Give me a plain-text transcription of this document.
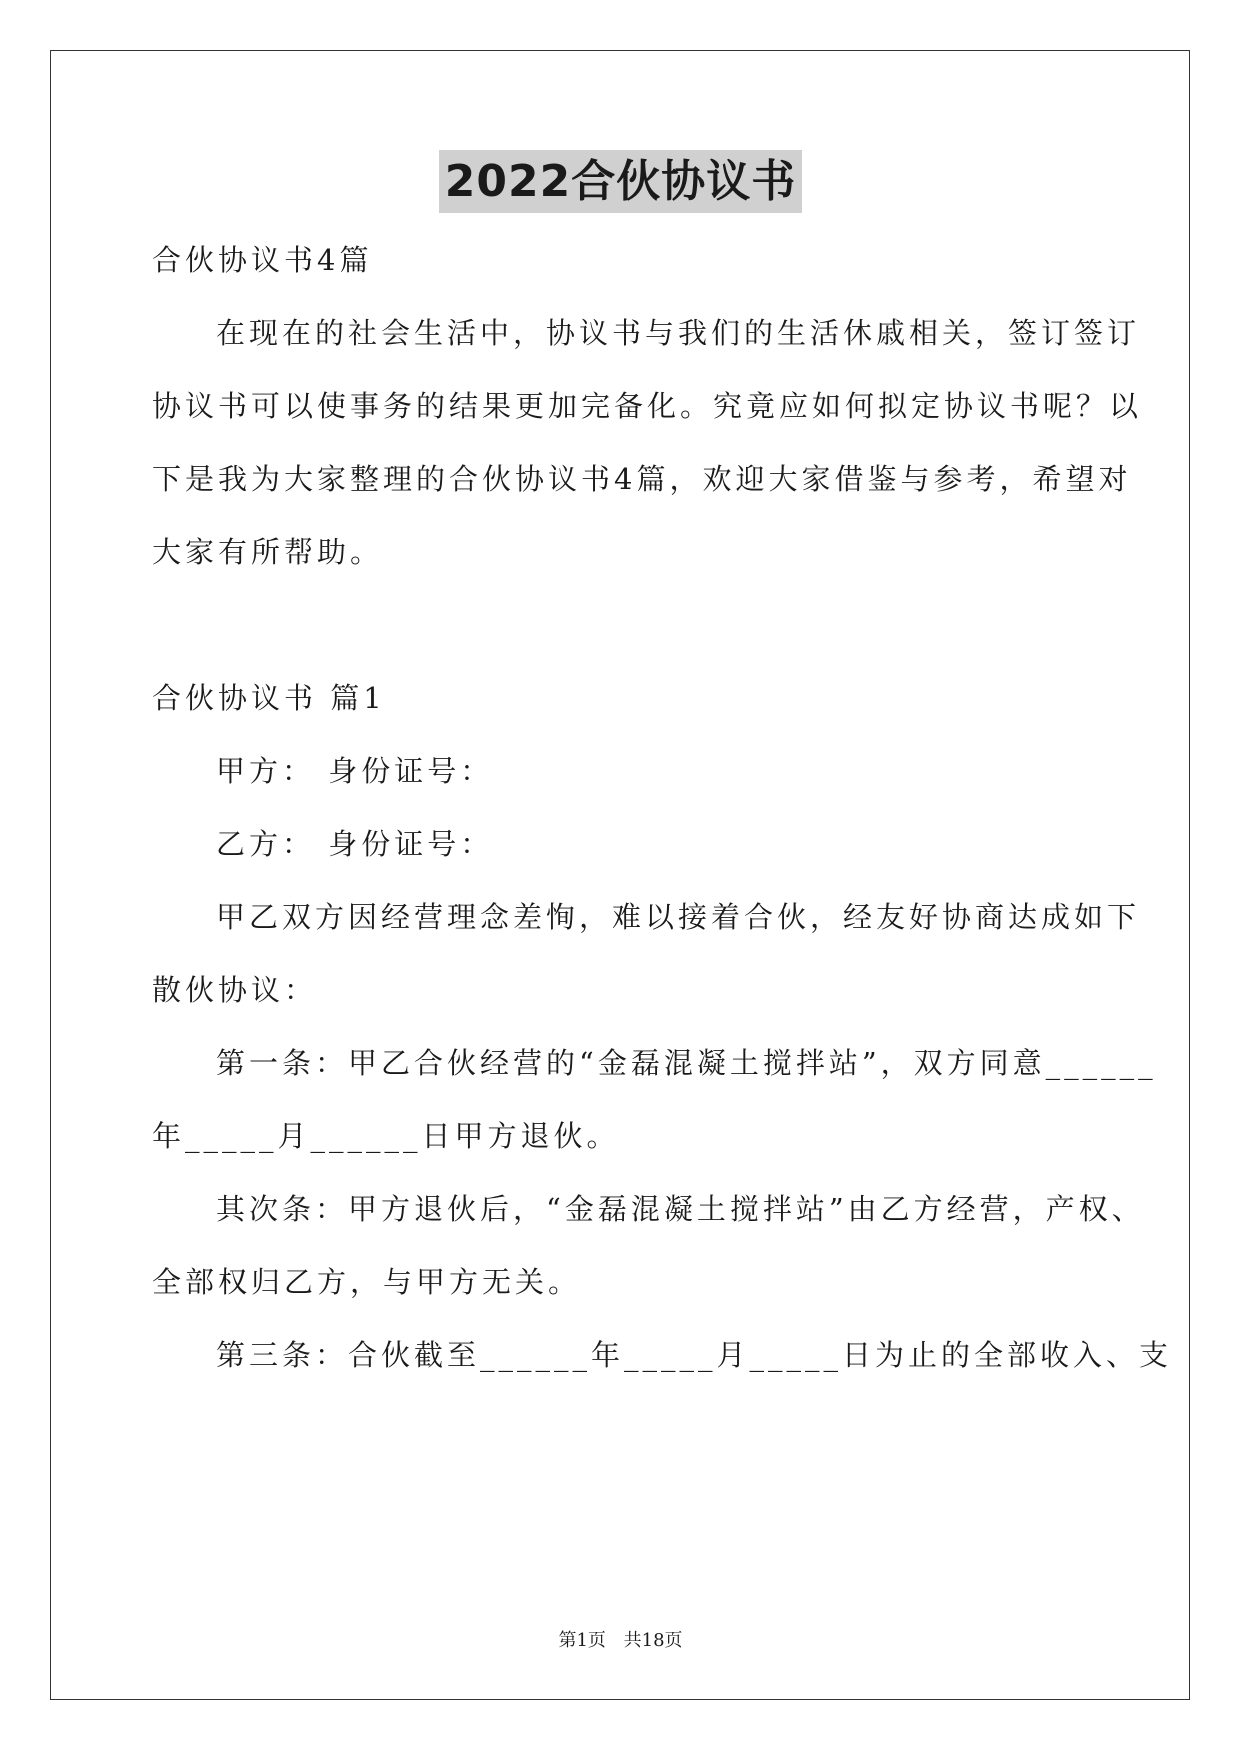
2022合伙协议书
合伙协议书4篇
在现在的社会生活中，协议书与我们的生活休戚相关，签订签订
协议书可以使事务的结果更加完备化。究竟应如何拟定协议书呢？以
下是我为大家整理的合伙协议书4篇，欢迎大家借鉴与参考，希望对
大家有所帮助。
合伙协议书 篇1
甲方： 身份证号：
乙方： 身份证号：
甲乙双方因经营理念差恂，难以接着合伙，经友好协商达成如下
散伙协议：
第一条：甲乙合伙经营的“金磊混凝土搅拌站”，双方同意______
年_____月______日甲方退伙。
其次条：甲方退伙后，“金磊混凝土搅拌站”由乙方经营，产权、
全部权归乙方，与甲方无关。
第三条：合伙截至______年_____月_____日为止的全部收入、支
第1页 共18页
